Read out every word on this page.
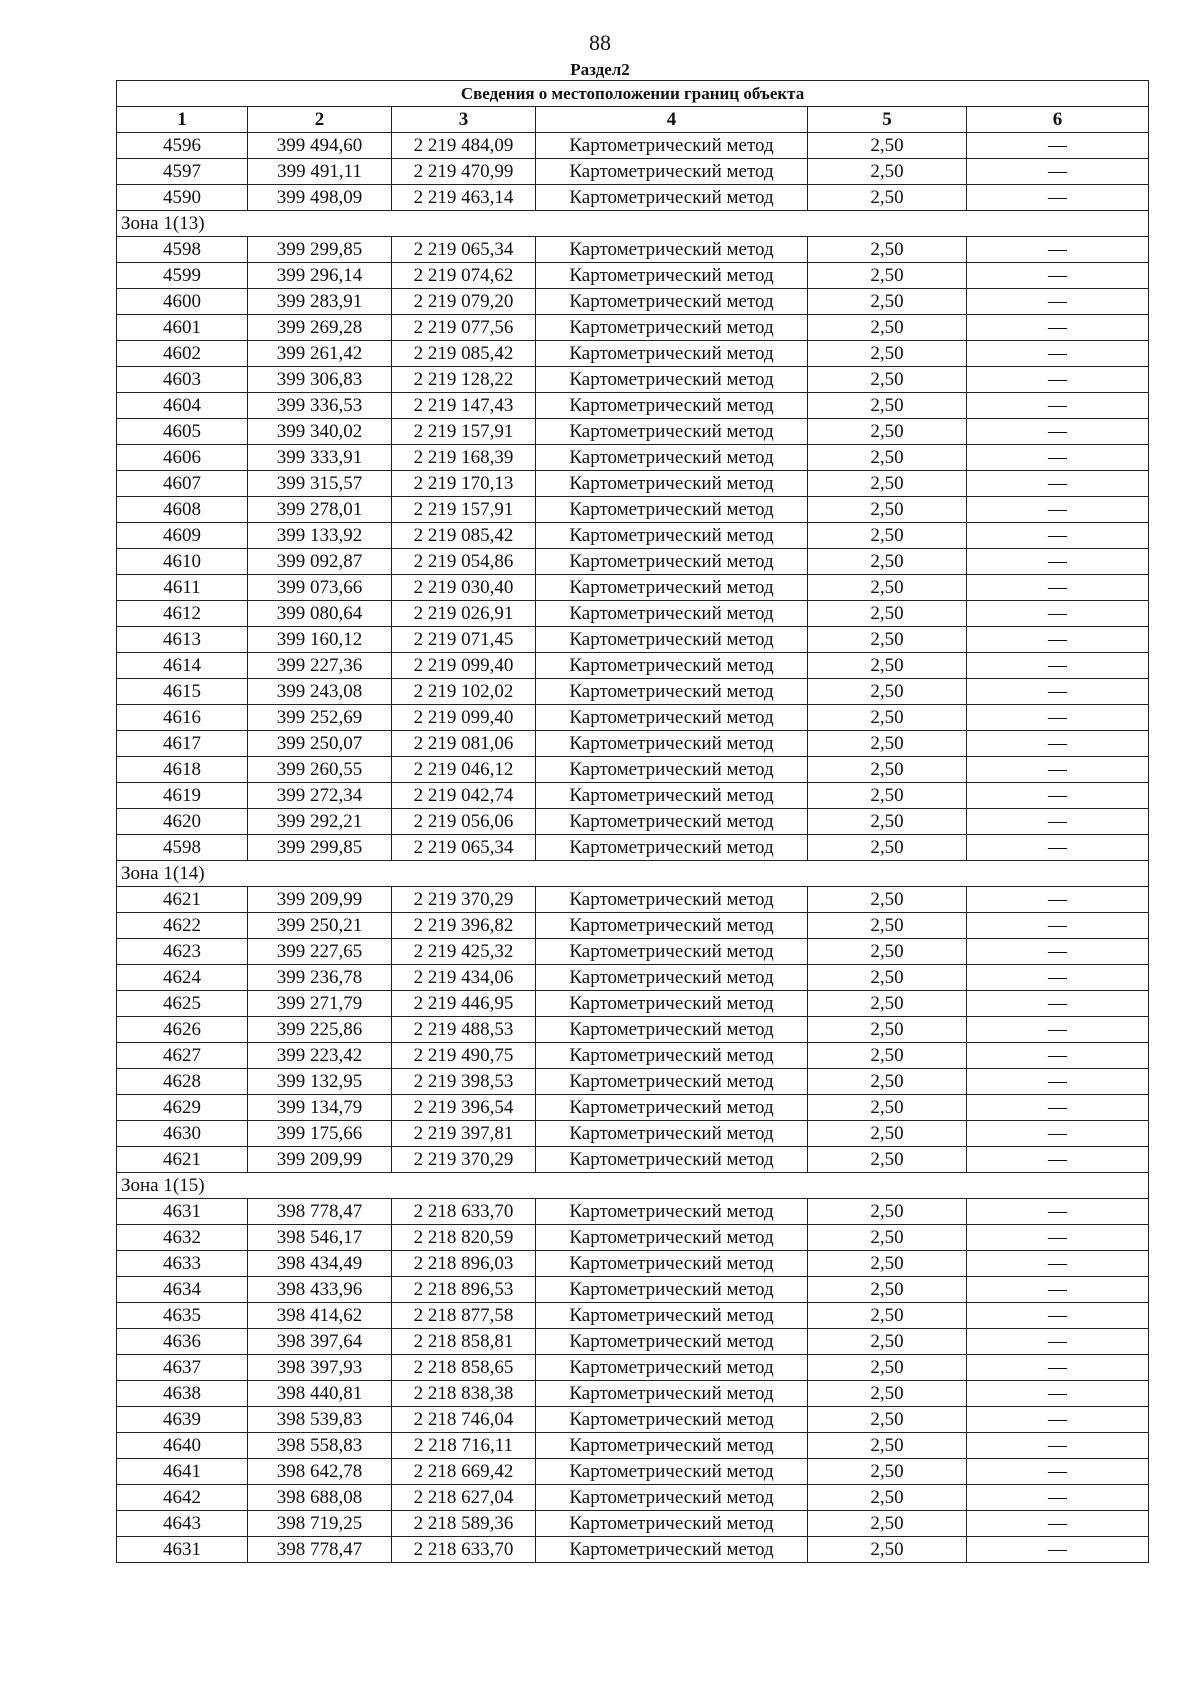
88
Раздел2
Сведения о местоположении границ объекта					
1	2	3	4	5	6
4596	399 494,60	2 219 484,09	Картометрический метод	2,50	—
4597	399 491,11	2 219 470,99	Картометрический метод	2,50	—
4590	399 498,09	2 219 463,14	Картометрический метод	2,50	—
Зона 1(13)					
4598	399 299,85	2 219 065,34	Картометрический метод	2,50	—
4599	399 296,14	2 219 074,62	Картометрический метод	2,50	—
4600	399 283,91	2 219 079,20	Картометрический метод	2,50	—
4601	399 269,28	2 219 077,56	Картометрический метод	2,50	—
4602	399 261,42	2 219 085,42	Картометрический метод	2,50	—
4603	399 306,83	2 219 128,22	Картометрический метод	2,50	—
4604	399 336,53	2 219 147,43	Картометрический метод	2,50	—
4605	399 340,02	2 219 157,91	Картометрический метод	2,50	—
4606	399 333,91	2 219 168,39	Картометрический метод	2,50	—
4607	399 315,57	2 219 170,13	Картометрический метод	2,50	—
4608	399 278,01	2 219 157,91	Картометрический метод	2,50	—
4609	399 133,92	2 219 085,42	Картометрический метод	2,50	—
4610	399 092,87	2 219 054,86	Картометрический метод	2,50	—
4611	399 073,66	2 219 030,40	Картометрический метод	2,50	—
4612	399 080,64	2 219 026,91	Картометрический метод	2,50	—
4613	399 160,12	2 219 071,45	Картометрический метод	2,50	—
4614	399 227,36	2 219 099,40	Картометрический метод	2,50	—
4615	399 243,08	2 219 102,02	Картометрический метод	2,50	—
4616	399 252,69	2 219 099,40	Картометрический метод	2,50	—
4617	399 250,07	2 219 081,06	Картометрический метод	2,50	—
4618	399 260,55	2 219 046,12	Картометрический метод	2,50	—
4619	399 272,34	2 219 042,74	Картометрический метод	2,50	—
4620	399 292,21	2 219 056,06	Картометрический метод	2,50	—
4598	399 299,85	2 219 065,34	Картометрический метод	2,50	—
Зона 1(14)					
4621	399 209,99	2 219 370,29	Картометрический метод	2,50	—
4622	399 250,21	2 219 396,82	Картометрический метод	2,50	—
4623	399 227,65	2 219 425,32	Картометрический метод	2,50	—
4624	399 236,78	2 219 434,06	Картометрический метод	2,50	—
4625	399 271,79	2 219 446,95	Картометрический метод	2,50	—
4626	399 225,86	2 219 488,53	Картометрический метод	2,50	—
4627	399 223,42	2 219 490,75	Картометрический метод	2,50	—
4628	399 132,95	2 219 398,53	Картометрический метод	2,50	—
4629	399 134,79	2 219 396,54	Картометрический метод	2,50	—
4630	399 175,66	2 219 397,81	Картометрический метод	2,50	—
4621	399 209,99	2 219 370,29	Картометрический метод	2,50	—
Зона 1(15)					
4631	398 778,47	2 218 633,70	Картометрический метод	2,50	—
4632	398 546,17	2 218 820,59	Картометрический метод	2,50	—
4633	398 434,49	2 218 896,03	Картометрический метод	2,50	—
4634	398 433,96	2 218 896,53	Картометрический метод	2,50	—
4635	398 414,62	2 218 877,58	Картометрический метод	2,50	—
4636	398 397,64	2 218 858,81	Картометрический метод	2,50	—
4637	398 397,93	2 218 858,65	Картометрический метод	2,50	—
4638	398 440,81	2 218 838,38	Картометрический метод	2,50	—
4639	398 539,83	2 218 746,04	Картометрический метод	2,50	—
4640	398 558,83	2 218 716,11	Картометрический метод	2,50	—
4641	398 642,78	2 218 669,42	Картометрический метод	2,50	—
4642	398 688,08	2 218 627,04	Картометрический метод	2,50	—
4643	398 719,25	2 218 589,36	Картометрический метод	2,50	—
4631	398 778,47	2 218 633,70	Картометрический метод	2,50	—
